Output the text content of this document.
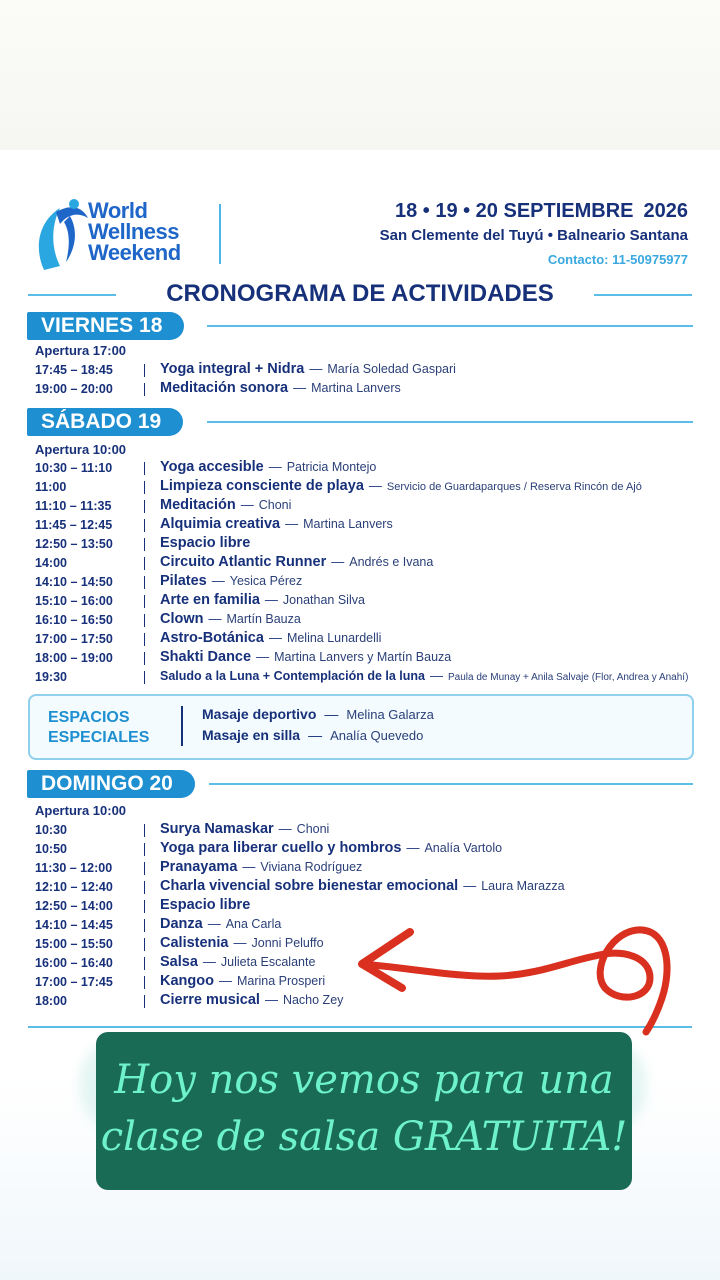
World
Wellness
Weekend
18 • 19 • 20 SEPTIEMBRE 2026
San Clemente del Tuyú • Balneario Santana
Contacto: 11-50975977
CRONOGRAMA DE ACTIVIDADES
VIERNES 18
Apertura 17:00
17:45 – 18:45	Yoga integral + Nidra — María Soledad Gaspari
19:00 – 20:00	Meditación sonora — Martina Lanvers
SÁBADO 19
Apertura 10:00
10:30 – 11:10	Yoga accesible — Patricia Montejo
11:00	Limpieza consciente de playa — Servicio de Guardaparques / Reserva Rincón de Ajó
11:10 – 11:35	Meditación — Choni
11:45 – 12:45	Alquimia creativa — Martina Lanvers
12:50 – 13:50	Espacio libre
14:00	Circuito Atlantic Runner — Andrés e Ivana
14:10 – 14:50	Pilates — Yesica Pérez
15:10 – 16:00	Arte en familia — Jonathan Silva
16:10 – 16:50	Clown — Martín Bauza
17:00 – 17:50	Astro-Botánica — Melina Lunardelli
18:00 – 19:00	Shakti Dance — Martina Lanvers y Martín Bauza
19:30	Saludo a la Luna + Contemplación de la luna — Paula de Munay + Anila Salvaje (Flor, Andrea y Anahí)
ESPACIOS
ESPECIALES
Masaje deportivo — Melina Galarza
Masaje en silla — Analía Quevedo
DOMINGO 20
Apertura 10:00
10:30	Surya Namaskar — Choni
10:50	Yoga para liberar cuello y hombros — Analía Vartolo
11:30 – 12:00	Pranayama — Viviana Rodríguez
12:10 – 12:40	Charla vivencial sobre bienestar emocional — Laura Marazza
12:50 – 14:00	Espacio libre
14:10 – 14:45	Danza — Ana Carla
15:00 – 15:50	Calistenia — Jonni Peluffo
16:00 – 16:40	Salsa — Julieta Escalante
17:00 – 17:45	Kangoo — Marina Prosperi
18:00	Cierre musical — Nacho Zey
Hoy nos vemos para una
clase de salsa GRATUITA!
